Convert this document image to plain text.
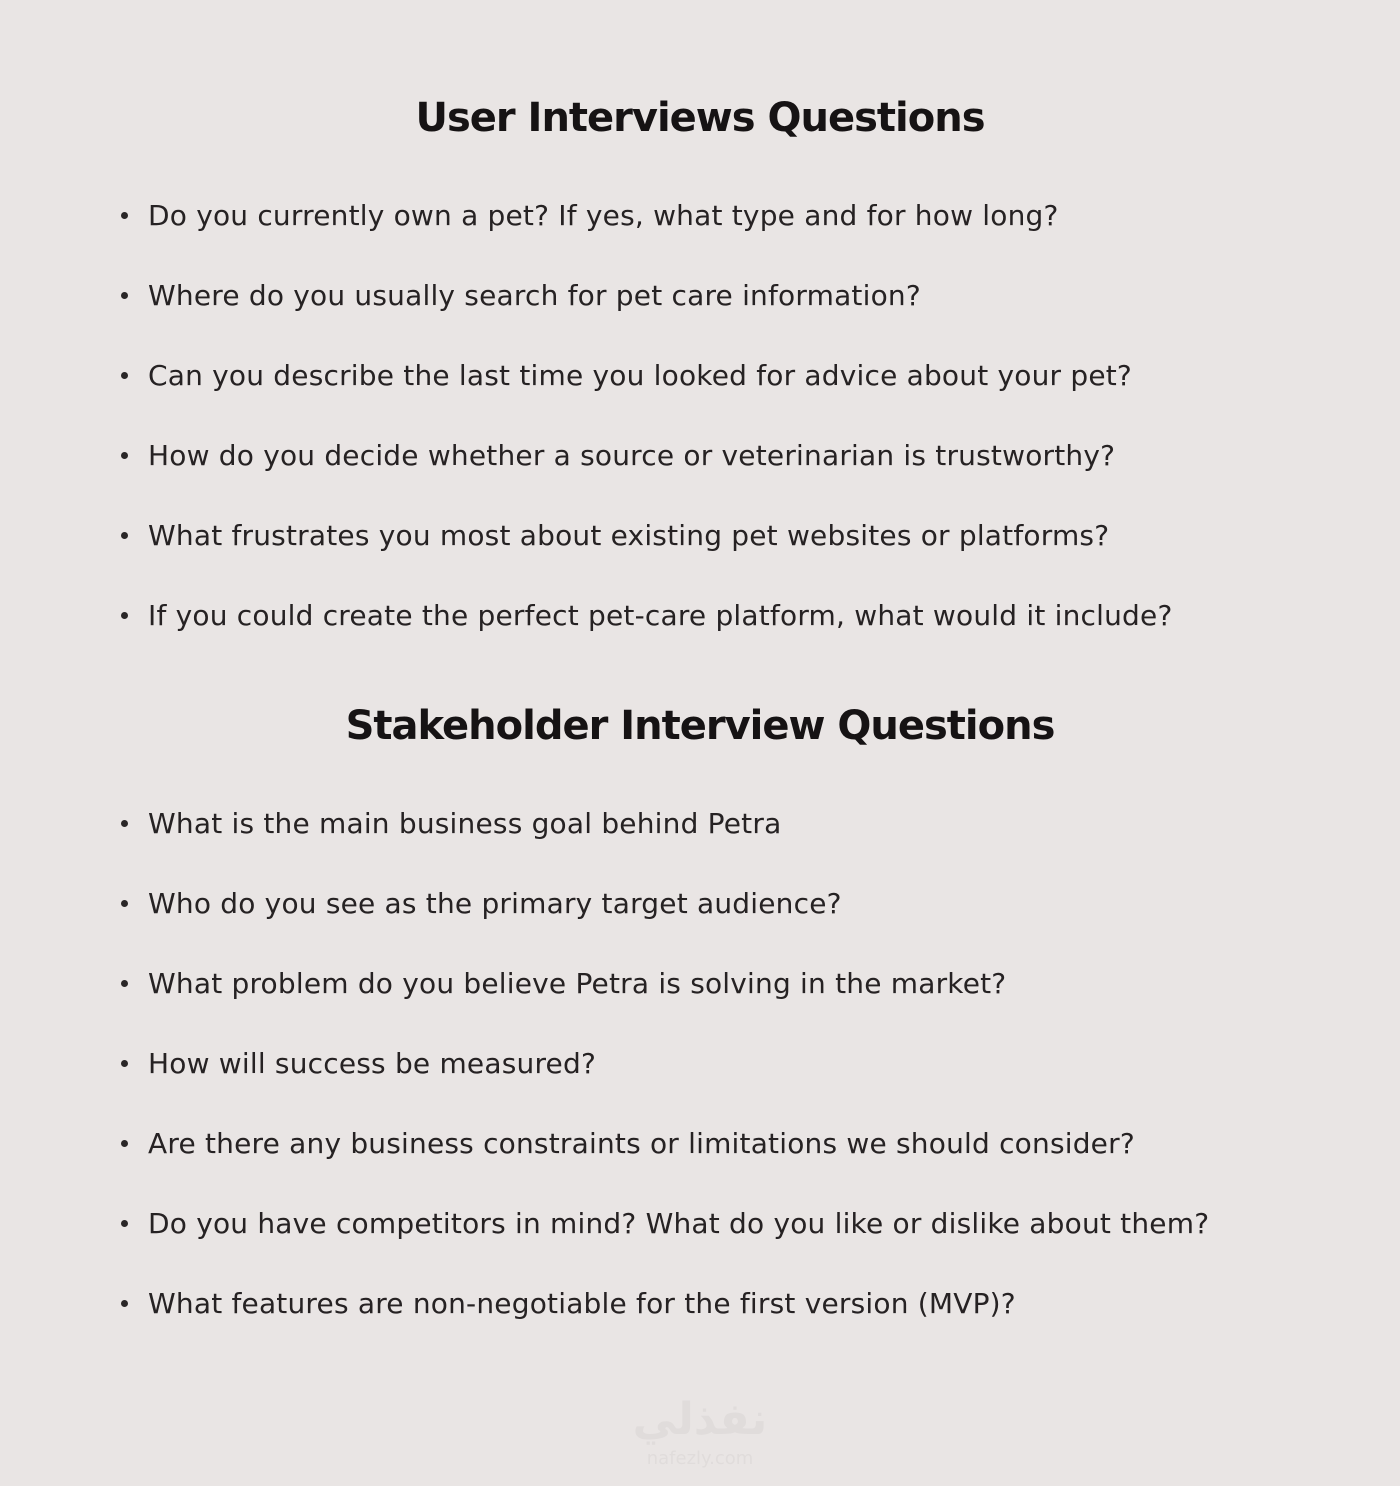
User Interviews Questions
Do you currently own a pet? If yes, what type and for how long?
Where do you usually search for pet care information?
Can you describe the last time you looked for advice about your pet?
How do you decide whether a source or veterinarian is trustworthy?
What frustrates you most about existing pet websites or platforms?
If you could create the perfect pet-care platform, what would it include?
Stakeholder Interview Questions
What is the main business goal behind Petra
Who do you see as the primary target audience?
What problem do you believe Petra is solving in the market?
How will success be measured?
Are there any business constraints or limitations we should consider?
Do you have competitors in mind? What do you like or dislike about them?
What features are non-negotiable for the first version (MVP)?
نفذلي
nafezly.com
